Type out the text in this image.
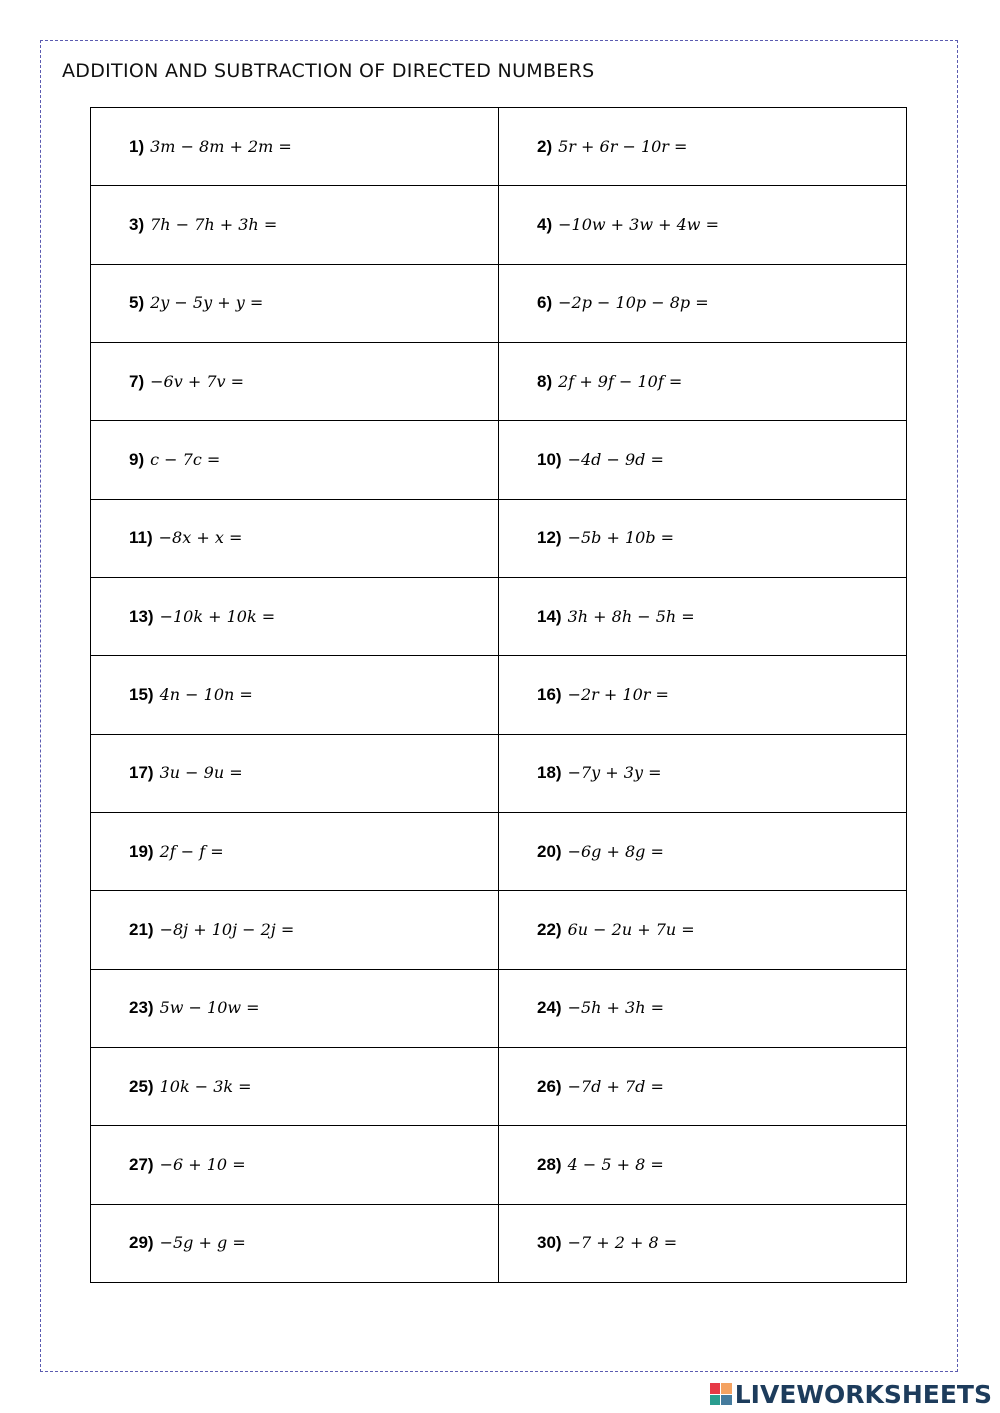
ADDITION AND SUBTRACTION OF DIRECTED NUMBERS
1) 3m − 8m + 2m =	2) 5r + 6r − 10r =
3) 7h − 7h + 3h =	4) −10w + 3w + 4w =
5) 2y − 5y + y =	6) −2p − 10p − 8p =
7) −6v + 7v =	8) 2f + 9f − 10f =
9) c − 7c =	10) −4d − 9d =
11) −8x + x =	12) −5b + 10b =
13) −10k + 10k =	14) 3h + 8h − 5h =
15) 4n − 10n =	16) −2r + 10r =
17) 3u − 9u =	18) −7y + 3y =
19) 2f − f =	20) −6g + 8g =
21) −8j + 10j − 2j =	22) 6u − 2u + 7u =
23) 5w − 10w =	24) −5h + 3h =
25) 10k − 3k =	26) −7d + 7d =
27) −6 + 10 =	28) 4 − 5 + 8 =
29) −5g + g =	30) −7 + 2 + 8 =
LIVEWORKSHEETS
